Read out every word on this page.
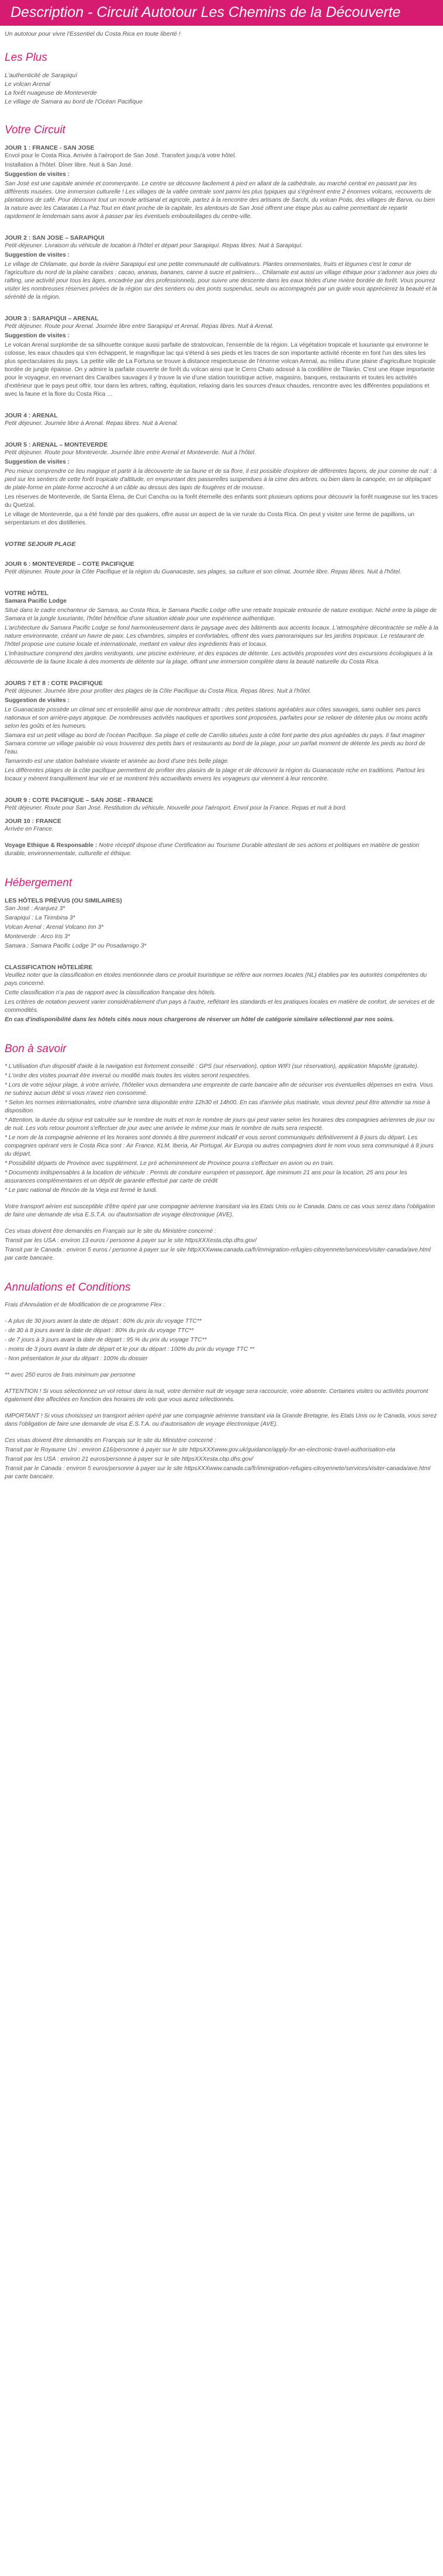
Description - Circuit Autotour Les Chemins de la Découverte
Un autotour pour vivre l'Essentiel du Costa Rica en toute liberté !
Les Plus
L'authenticité de Sarapiquí
Le volcan Arenal
La forêt nuageuse de Monteverde
Le village de Samara au bord de l'Océan Pacifique
Votre Circuit
JOUR 1 : FRANCE - SAN JOSE

Envol pour le Costa Rica. Arrivée à l'aéroport de San José. Transfert jusqu'à votre hôtel.

Installation à l'hôtel. Dîner libre. Nuit à San José.

Suggestion de visites :

San José est une capitale animée et commerçante. Le centre se découvre facilement à pied en allant de la cathédrale, au marché central en passant par les différents musées. Une immersion culturelle ! Les villages de la vallée centrale sont parmi les plus typiques qui s'égrènent entre 2 énormes volcans, recouverts de plantations de café. Pour découvrir tout un monde artisanal et agricole, partez à la rencontre des artisans de Sarchi, du volcan Poás, des villages de Barva, ou bien la nature avec les Cataratas La Paz.Tout en étant proche de la capitale, les alentours de San José offrent une étape plus au calme permettant de repartir rapidement le lendemain sans avoir à passer par les éventuels embouteillages du centre-ville.

JOUR 2 : SAN JOSE – SARAPIQUI

Petit-déjeuner. Livraison du véhicule de location à l'hôtel et départ pour Sarapiquí. Repas libres. Nuit à Sarapiquí.

Suggestion de visites :

Le village de Chilamate, qui borde la rivière Sarapiquí est une petite communauté de cultivateurs. Plantes ornementales, fruits et légumes c'est le cœur de l'agriculture du nord de la plaine caraïbes : cacao, ananas, bananes, canne à sucre et palmiers… Chilamate est aussi un village éthique pour s'adonner aux joies du rafting, une activité pour tous les âges, encadrée par des professionnels, pour suivre une descente dans les eaux tièdes d'une rivière bordée de forêt. Vous pourrez visiter les nombreuses réserves privées de la région sur des sentiers ou des ponts suspendus, seuls ou accompagnés par un guide vous apprécierez la beauté et la sérénité de la région.

JOUR 3 : SARAPIQUI – ARENAL

Petit déjeuner. Route pour Arenal. Journée libre entre Sarapiquí et Arenal. Repas libres. Nuit à Arenal.

Suggestion de visites :

Le volcan Arenal surplombe de sa silhouette conique aussi parfaite de stratovolcan, l'ensemble de la région. La végétation tropicale et luxuriante qui environne le colosse, les eaux chaudes qui s'en échappent, le magnifique lac qui s'étend à ses pieds et les traces de son importante activité récente en font l'un des sites les plus spectaculaires du pays. La petite ville de La Fortuna se trouve à distance respectueuse de l'énorme volcan Arenal, au milieu d'une plaine d'agriculture tropicale bordée de jungle épaisse. On y admire la parfaite couverte de forêt du volcan ainsi que le Cerro Chato adossé à la cordillère de Tilarán. C'est une étape importante pour le voyageur, en revenant des Caraïbes sauvages il y trouve la vie d'une station touristique active, magasins, banques, restaurants et toutes les activités d'extérieur que le pays peut offrir, tour dans les arbres, rafting, équitation, relaxing dans les sources d'eaux chaudes, rencontre avec les différentes populations et avec la faune et la flore du Costa Rica …

JOUR 4 : ARENAL

Petit déjeuner. Journée libre à Arenal. Repas libres. Nuit à Arenal.

JOUR 5 : ARENAL – MONTEVERDE

Petit déjeuner. Route pour Monteverde. Journée libre entre Arenal et Monteverde. Nuit à l'hôtel.

Suggestion de visites :

Peu mieux comprendre ce lieu magique et partir à la découverte de sa faune et de sa flore, il est possible d'explorer de différentes façons, de jour comme de nuit : à pied sur les sentiers de cette forêt tropicale d'altitude, en empruntant des passerelles suspendues à la cime des arbres, ou bien dans la canopée, en se déplaçant de plate-forme en plate-forme accroché à un câble au dessus des tapis de fougères et de mousse.

Les réserves de Monteverde, de Santa Elena, de Curi Cancha ou la forêt éternelle des enfants sont plusieurs options pour découvrir la forêt nuageuse sur les traces du Quetzal.

Le village de Monteverde, qui a été fondé par des quakers, offre aussi un aspect de la vie rurale du Costa Rica. On peut y visiter une ferme de papillons, un serpentarium et des distilleries.

VOTRE SEJOUR PLAGE
JOUR 6 : MONTEVERDE – COTE PACIFIQUE

Petit déjeuner. Route pour la Côte Pacifique et la région du Guanacaste, ses plages, sa culture et son climat. Journée libre. Repas libres. Nuit à l'hôtel.

VOTRE HÔTEL

Samara Pacific Lodge

Situé dans le cadre enchanteur de Samara, au Costa Rica, le Samara Pacific Lodge offre une retraite tropicale entourée de nature exotique. Niché entre la plage de Samara et la jungle luxuriante, l'hôtel bénéficie d'une situation idéale pour une expérience authentique.

L'architecture du Samara Pacific Lodge se fond harmonieusement dans le paysage avec des bâtiments aux accents locaux. L'atmosphère décontractée se mêle à la nature environnante, créant un havre de paix. Les chambres, simples et confortables, offrent des vues panoramiques sur les jardins tropicaux. Le restaurant de l'hôtel propose une cuisine locale et internationale, mettant en valeur des ingrédients frais et locaux.

L'infrastructure comprend des jardins verdoyants, une piscine extérieure, et des espaces de détente. Les activités proposées vont des excursions écologiques à la découverte de la faune locale à des moments de détente sur la plage, offrant une immersion complète dans la beauté naturelle du Costa Rica.

JOURS 7 ET 8 : COTE PACIFIQUE

Petit déjeuner. Journée libre pour profiter des plages de la Côte Pacifique du Costa Rica. Repas libres. Nuit à l'hôtel.

Suggestion de visites :

Le Guanacaste possède un climat sec et ensoleillé ainsi que de nombreux attraits : des petites stations agréables aux côtes sauvages, sans oublier ses parcs nationaux et son arrière-pays atypique. De nombreuses activités nautiques et sportives sont proposées, parfaites pour se relaxer de détente plus ou moins actifs selon les goûts et les humeurs.

Samara est un petit village au bord de l'océan Pacifique. Sa plage et celle de Carrillo situées juste à côté font partie des plus agréables du pays. Il faut imaginer Samara comme un village paisible où vous trouverez des petits bars et restaurants au bord de la plage, pour un parfait moment de détente les pieds au bord de l'eau.

Tamarindo est une station balnéaire vivante et animée au bord d'une très belle plage.

Les différentes plages de la côte pacifique permettent de profiter des plaisirs de la plage et de découvrir la région du Guanacaste riche en traditions. Partout les locaux y mènent tranquillement leur vie et se montrent très accueillants envers les voyageurs qui viennent à leur rencontre.

JOUR 9 : COTE PACIFIQUE – SAN JOSE - FRANCE

Petit déjeuner. Route pour San José. Restitution du véhicule. Nouvelle pour l'aéroport. Envol pour la France. Repas et nuit à bord.

JOUR 10 : FRANCE

Arrivée en France.

Voyage Ethique & Responsable : Notre réceptif dispose d'une Certification au Tourisme Durable attestant de ses actions et politiques en matière de gestion durable, environnementale, culturelle et éthique.

Hébergement
LES HÔTELS PRÉVUS (OU SIMILAIRES)

San José : Aranjuez 3*

Sarapiquí : La Tirimbina 3*

Volcan Arenal : Arenal Volcano Inn 3*

Monteverde : Arco Iris 3*

Samara : Samara Pacific Lodge 3* ou Posadamigo 3*

CLASSIFICATION HÔTELIÈRE

Veuillez noter que la classification en étoiles mentionnée dans ce produit touristique se réfère aux normes locales (NL) établies par les autorités compétentes du pays concerné.

Cette classification n'a pas de rapport avec la classification française des hôtels.

Les critères de notation peuvent varier considérablement d'un pays à l'autre, reflétant les standards et les pratiques locales en matière de confort, de services et de commodités.

En cas d'indisponibilité dans les hôtels cités nous nous chargerons de réserver un hôtel de catégorie similaire sélectionné par nos soins.

Bon à savoir

* L'utilisation d'un dispositif d'aide à la navigation est fortement conseillé : GPS (sur réservation), option WIFI (sur réservation), application MapsMe (gratuite).

* L'ordre des visites pourrait être inversé ou modifié mais toutes les visites seront respectées.

* Lors de votre séjour plage, à votre arrivée, l'hôtelier vous demandera une empreinte de carte bancaire afin de sécuriser vos éventuelles dépenses en extra. Vous ne subirez aucun débit si vous n'avez rien consommé.

* Selon les normes internationales, votre chambre sera disponible entre 12h30 et 14h00. En cas d'arrivée plus matinale, vous devrez peut être attendre sa mise à disposition.

* Attention, la durée du séjour est calculée sur le nombre de nuits et non le nombre de jours qui peut varier selon les horaires des compagnies aériennes de jour ou de nuit. Les vols retour pourront s'effectuer de jour avec une arrivée le même jour mais le nombre de nuits sera respecté.

* Le nom de la compagnie aérienne et les horaires sont donnés à titre purement indicatif et vous seront communiqués définitivement à 8 jours du départ. Les compagnies opérant vers le Costa Rica sont : Air France, KLM, Iberia, Air Portugal, Air Europa ou autres compagnies dont le nom vous sera communiqué à 8 jours du départ.

* Possibilité départs de Province avec supplément. Le pré acheminement de Province pourra s'effectuer en avion ou en train.

* Documents indispensables à la location de véhicule : Permis de conduire européen et passeport, âge minimum 21 ans pour la location, 25 ans pour les assurances complémentaires et un dépôt de garantie effectué par carte de crédit

* Le parc national de Rincón de la Vieja est fermé le lundi.

Votre transport aérien est susceptible d'être opéré par une compagnie aérienne transitant via les Etats Unis ou le Canada. Dans ce cas vous serez dans l'obligation de faire une demande de visa E.S.T.A. ou d'autorisation de voyage électronique (AVE).

Ces visas doivent être demandés en Français sur le site du Ministère concerné :

Transit par les USA : environ 13 euros / personne à payer sur le site httpsXXXesta.cbp.dhs.gov/

Transit par le Canada : environ 5 euros / personne à payer sur le site httpXXXwww.canada.ca/fr/immigration-refugies-citoyennete/services/visiter-canada/ave.html par carte bancaire.

Annulations et Conditions

Frais d'Annulation et de Modification de ce programme Flex :

- A plus de 30 jours avant la date de départ : 60% du prix du voyage TTC**

- de 30 à 8 jours avant la date de départ : 80% du prix du voyage TTC**

- de 7 jours à 3 jours avant la date de départ : 95 % du prix du voyage TTC**

- moins de 3 jours avant la date de départ et le jour du départ : 100% du prix du voyage TTC **

- Non présentation le jour du départ : 100% du dossier

** avec 250 euros de frais minimum par personne

ATTENTION ! Si vous sélectionnez un vol retour dans la nuit, votre dernière nuit de voyage sera raccourcie, voire absente. Certaines visites ou activités pourront également être affectées en fonction des horaires de vols que vous aurez sélectionnés.

IMPORTANT ! Si vous choisissez un transport aérien opéré par une compagnie aérienne transitant via la Grande Bretagne, les Etats Unis ou le Canada, vous serez dans l'obligation de faire une demande de visa E.S.T.A. ou d'autorisation de voyage électronique (AVE).

Ces visas doivent être demandés en Français sur le site du Ministère concerné :

Transit par le Royaume Uni : environ £16/personne à payer sur le site httpsXXXwww.gov.uk/guidance/apply-for-an-electronic-travel-authorisation-eta

Transit par les USA : environ 21 euros/personne à payer sur le site httpsXXXesta.cbp.dhs.gov/

Transit par le Canada : environ 5 euros/personne à payer sur le site httpsXXXwww.canada.ca/fr/immigration-refugies-citoyennete/services/visiter-canada/ave.html par carte bancaire.
